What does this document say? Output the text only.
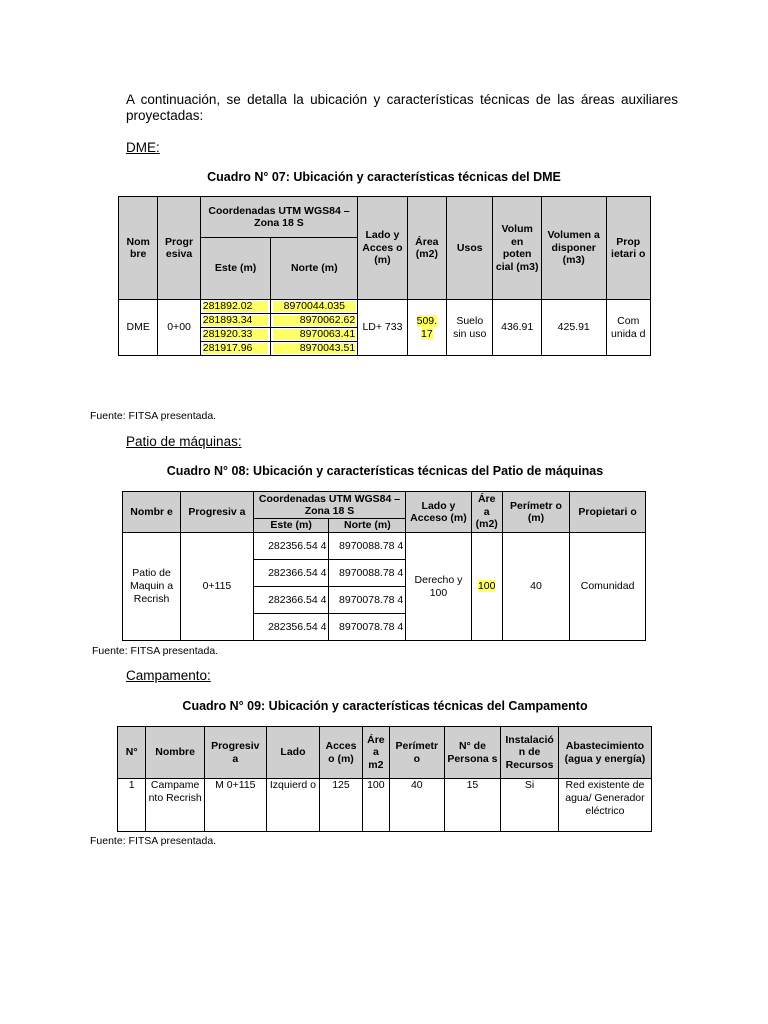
A continuación, se detalla la ubicación y características técnicas de las áreas auxiliares proyectadas:
DME:
Cuadro N° 07: Ubicación y características técnicas del DME
Nom bre	Progr esiva	Coordenadas UTM WGS84 – Zona 18 S		Lado y Acces o (m)	Área (m2)	Usos	Volum en poten cial (m3)	Volumen a disponer (m3)	Prop ietari o
		Este (m)	Norte (m)						
DME	0+00	281892.02	8970044.035	LD+ 733	509. 17	Suelo sin uso	436.91	425.91	Com unida d

		281893.34	8970062.62						

		281920.33	8970063.41						

		281917.96	8970043.51						
Fuente: FITSA presentada.
Patio de máquinas:
Cuadro N° 08: Ubicación y características técnicas del Patio de máquinas
Nombr e	Progresiv a	Coordenadas UTM WGS84 – Zona 18 S		Lado y Acceso (m)	Áre a (m2)	Perímetr o (m)	Propietari o
		Este (m)	Norte (m)				
Patio de Maquin a Recrish	0+115	282356.54 4	8970088.78 4	Derecho y 100	100	40	Comunidad
		282366.54 4	8970088.78 4				
		282366.54 4	8970078.78 4				
		282356.54 4	8970078.78 4				
Fuente: FITSA presentada.
Campamento:
Cuadro N° 09: Ubicación y características técnicas del Campamento
N°	Nombre	Progresiv a	Lado	Acces o (m)	Áre a m2	Perímetr o	N° de Persona s	Instalació n de Recursos	Abastecimiento (agua y energía)
1	Campame nto Recrish	M 0+115	Izquierd o	125	100	40	15	Si	Red existente de agua/ Generador eléctrico
Fuente: FITSA presentada.
